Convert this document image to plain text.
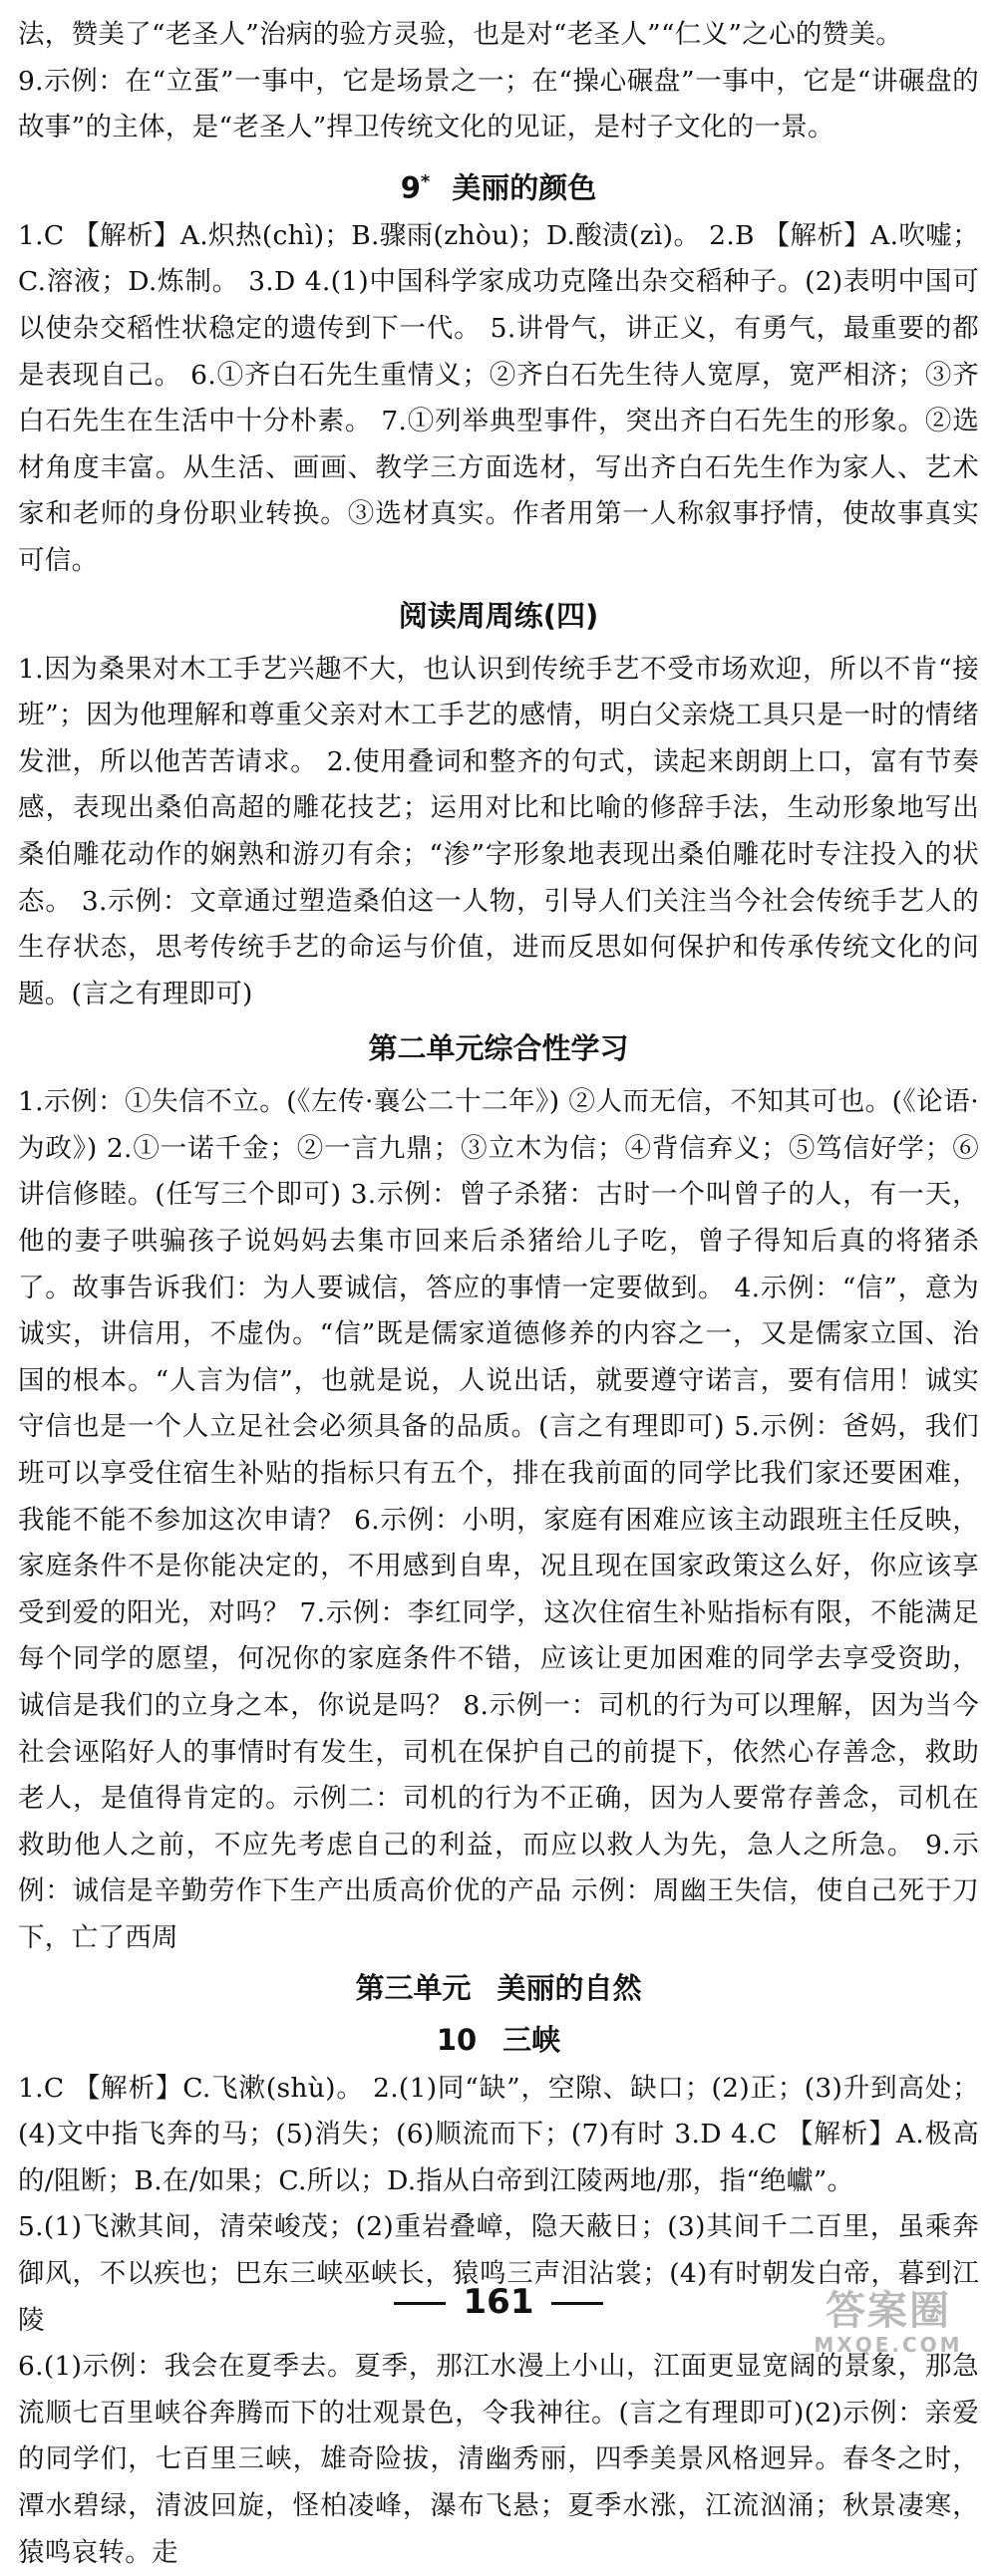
法，赞美了“老圣人”治病的验方灵验，也是对“老圣人”“仁义”之心的赞美。

9.示例：在“立蛋”一事中，它是场景之一；在“操心碾盘”一事中，它是“讲碾盘的故事”的主体，是“老圣人”捍卫传统文化的见证，是村子文化的一景。

9* 美丽的颜色

1.C 【解析】A.炽热(chì)；B.骤雨(zhòu)；D.酸渍(zì)。 2.B 【解析】A.吹嘘；C.溶液；D.炼制。 3.D 4.(1)中国科学家成功克隆出杂交稻种子。(2)表明中国可以使杂交稻性状稳定的遗传到下一代。 5.讲骨气，讲正义，有勇气，最重要的都是表现自己。 6.①齐白石先生重情义；②齐白石先生待人宽厚，宽严相济；③齐白石先生在生活中十分朴素。 7.①列举典型事件，突出齐白石先生的形象。②选材角度丰富。从生活、画画、教学三方面选材，写出齐白石先生作为家人、艺术家和老师的身份职业转换。③选材真实。作者用第一人称叙事抒情，使故事真实可信。

阅读周周练(四)

1.因为桑果对木工手艺兴趣不大，也认识到传统手艺不受市场欢迎，所以不肯“接班”；因为他理解和尊重父亲对木工手艺的感情，明白父亲烧工具只是一时的情绪发泄，所以他苦苦请求。 2.使用叠词和整齐的句式，读起来朗朗上口，富有节奏感，表现出桑伯高超的雕花技艺；运用对比和比喻的修辞手法，生动形象地写出桑伯雕花动作的娴熟和游刃有余；“渗”字形象地表现出桑伯雕花时专注投入的状态。 3.示例：文章通过塑造桑伯这一人物，引导人们关注当今社会传统手艺人的生存状态，思考传统手艺的命运与价值，进而反思如何保护和传承传统文化的问题。(言之有理即可)

第二单元综合性学习

1.示例：①失信不立。(《左传·襄公二十二年》) ②人而无信，不知其可也。(《论语·为政》) 2.①一诺千金；②一言九鼎；③立木为信；④背信弃义；⑤笃信好学；⑥讲信修睦。(任写三个即可) 3.示例：曾子杀猪：古时一个叫曾子的人，有一天，他的妻子哄骗孩子说妈妈去集市回来后杀猪给儿子吃，曾子得知后真的将猪杀了。故事告诉我们：为人要诚信，答应的事情一定要做到。 4.示例：“信”，意为诚实，讲信用，不虚伪。“信”既是儒家道德修养的内容之一，又是儒家立国、治国的根本。“人言为信”，也就是说，人说出话，就要遵守诺言，要有信用！诚实守信也是一个人立足社会必须具备的品质。(言之有理即可) 5.示例：爸妈，我们班可以享受住宿生补贴的指标只有五个，排在我前面的同学比我们家还要困难，我能不能不参加这次申请？ 6.示例：小明，家庭有困难应该主动跟班主任反映，家庭条件不是你能决定的，不用感到自卑，况且现在国家政策这么好，你应该享受到爱的阳光，对吗？ 7.示例：李红同学，这次住宿生补贴指标有限，不能满足每个同学的愿望，何况你的家庭条件不错，应该让更加困难的同学去享受资助，诚信是我们的立身之本，你说是吗？ 8.示例一：司机的行为可以理解，因为当今社会诬陷好人的事情时有发生，司机在保护自己的前提下，依然心存善念，救助老人，是值得肯定的。示例二：司机的行为不正确，因为人要常存善念，司机在救助他人之前，不应先考虑自己的利益，而应以救人为先，急人之所急。 9.示例：诚信是辛勤劳作下生产出质高价优的产品 示例：周幽王失信，使自己死于刀下，亡了西周

第三单元 美丽的自然
10 三峡

1.C 【解析】C.飞漱(shù)。 2.(1)同“缺”，空隙、缺口；(2)正；(3)升到高处；(4)文中指飞奔的马；(5)消失；(6)顺流而下；(7)有时 3.D 4.C 【解析】A.极高的/阻断；B.在/如果；C.所以；D.指从白帝到江陵两地/那，指“绝巘”。

5.(1)飞漱其间，清荣峻茂；(2)重岩叠嶂，隐天蔽日；(3)其间千二百里，虽乘奔御风，不以疾也；巴东三峡巫峡长，猿鸣三声泪沾裳；(4)有时朝发白帝，暮到江陵

6.(1)示例：我会在夏季去。夏季，那江水漫上小山，江面更显宽阔的景象，那急流顺七百里峡谷奔腾而下的壮观景色，令我神往。(言之有理即可)(2)示例：亲爱的同学们，七百里三峡，雄奇险拔，清幽秀丽，四季美景风格迥异。春冬之时，潭水碧绿，清波回旋，怪柏凌峰，瀑布飞悬；夏季水涨，江流汹涌；秋景凄寒，猿鸣哀转。走

161	答案圈
MXQE.COM
